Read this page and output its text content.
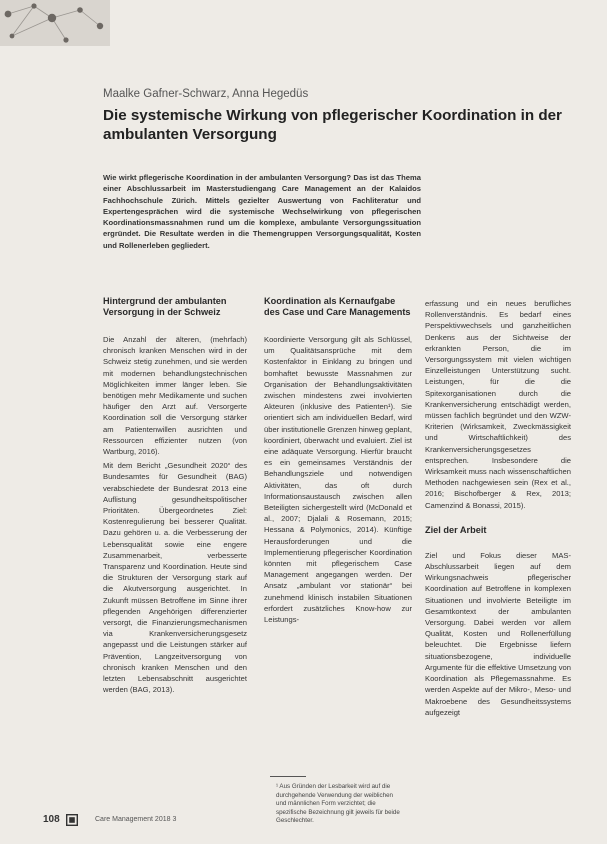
Maalke Gafner-Schwarz, Anna Hegedüs
Die systemische Wirkung von pflegerischer Koordination in der ambulanten Versorgung

Wie wirkt pflegerische Koordination in der ambulanten Versorgung? Das ist das Thema einer Abschlussarbeit im Masterstudiengang Care Management an der Kalaidos Fachhochschule Zürich. Mittels gezielter Auswertung von Fachliteratur und Expertengesprächen wird die systemische Wechselwirkung von pflegerischen Koordinationsmassnahmen rund um die komplexe, ambulante Versorgungssituation ergründet. Die Resultate werden in die Themengruppen Versorgungsqualität, Kosten und Rollenerleben gegliedert.

Hintergrund der ambulanten Versorgung in der Schweiz

Die Anzahl der älteren, (mehrfach) chronisch kranken Menschen wird in der Schweiz stetig zunehmen, und sie werden mit modernen behandlungstechnischen Möglichkeiten immer länger leben. Sie benötigen mehr Medikamente und suchen häufiger den Arzt auf. Versorgerte Koordination soll die Versorgung stärker am Patientenwillen ausrichten und Ressourcen effizienter nutzen (von Wartburg, 2016).

Mit dem Bericht „Gesundheit 2020“ des Bundesamtes für Gesundheit (BAG) verabschiedete der Bundesrat 2013 eine Auflistung gesundheitspolitischer Prioritäten. Übergeordnetes Ziel: Kostenregulierung bei besserer Qualität. Dazu gehören u. a. die Verbesserung der Lebensqualität sowie eine engere Zusammenarbeit, verbesserte Transparenz und Koordination. Heute sind die Strukturen der Versorgung stark auf die Akutversorgung ausgerichtet. In Zukunft müssen Betroffene im Sinne ihrer pflegenden Angehörigen differenzierter versorgt, die Finanzierungsmechanismen via Krankenversicherungsgesetz angepasst und die Leistungen stärker auf Prävention, Langzeitversorgung von chronisch kranken Menschen und den letzten Lebensabschnitt ausgerichtet werden (BAG, 2013).

Koordination als Kernaufgabe des Case und Care Managements

Koordinierte Versorgung gilt als Schlüssel, um Qualitätsansprüche mit dem Kostenfaktor in Einklang zu bringen und bomhaftet bewusste Massnahmen zur Organisation der Behandlungsaktivitäten zwischen mindestens zwei involvierten Akteuren (inklusive des Patienten¹). Sie orientiert sich am individuellen Bedarf, wird über institutionelle Grenzen hinweg geplant, koordiniert, überwacht und evaluiert. Ziel ist eine adäquate Versorgung. Hierfür braucht es ein gemeinsames Verständnis der Behandlungsziele und notwendigen Aktivitäten, das oft durch Informationsaustausch zwischen allen Beteiligten sichergestellt wird (McDonald et al., 2007; Djalali & Rosemann, 2015; Hessana & Polymonics, 2014). Künftige Herausforderungen und die Implementierung pflegerischer Koordination könnten mit pflegerischem Case Management angegangen werden. Der Ansatz „ambulant vor stationär“ bei zunehmend klinisch instabilen Situationen erfordert zusätzliches Know-how zur Leistungs-

erfassung und ein neues berufliches Rollenverständnis. Es bedarf eines Perspektivwechsels und ganzheitlichen Denkens aus der Sichtweise der erkrankten Person, die im Versorgungssystem mit vielen wichtigen Einzelleistungen Unterstützung sucht. Leistungen, für die die Spitexorganisationen durch die Krankenversicherung entschädigt werden, müssen fachlich begründet und den WZW-Kriterien (Wirksamkeit, Zweckmässigkeit und Wirtschaftlichkeit) des Krankenversicherungsgesetzes entsprechen. Insbesondere die Wirksamkeit muss nach wissenschaftlichen Methoden nachgewiesen sein (Rex et al., 2016; Bischofberger & Rex, 2013; Camenzind & Bonassi, 2015).

Ziel der Arbeit

Ziel und Fokus dieser MAS-Abschlussarbeit liegen auf dem Wirkungsnachweis pflegerischer Koordination auf Betroffene in komplexen Situationen und involvierte Beteiligte im Gesamtkontext der ambulanten Versorgung. Dabei werden vor allem Qualität, Kosten und Rollenerfüllung beleuchtet. Die Ergebnisse liefern situationsbezogene, individuelle Argumente für die effektive Umsetzung von Koordination als Pflegemassnahme. Es werden Aspekte auf der Mikro-, Meso- und Makroebene des Gesundheitssystems aufgezeigt

¹ Aus Gründen der Lesbarkeit wird auf die durchgehende Verwendung der weiblichen und männlichen Form verzichtet; die spezifische Bezeichnung gilt jeweils für beide Geschlechter.

108	Care Management 2018 3
